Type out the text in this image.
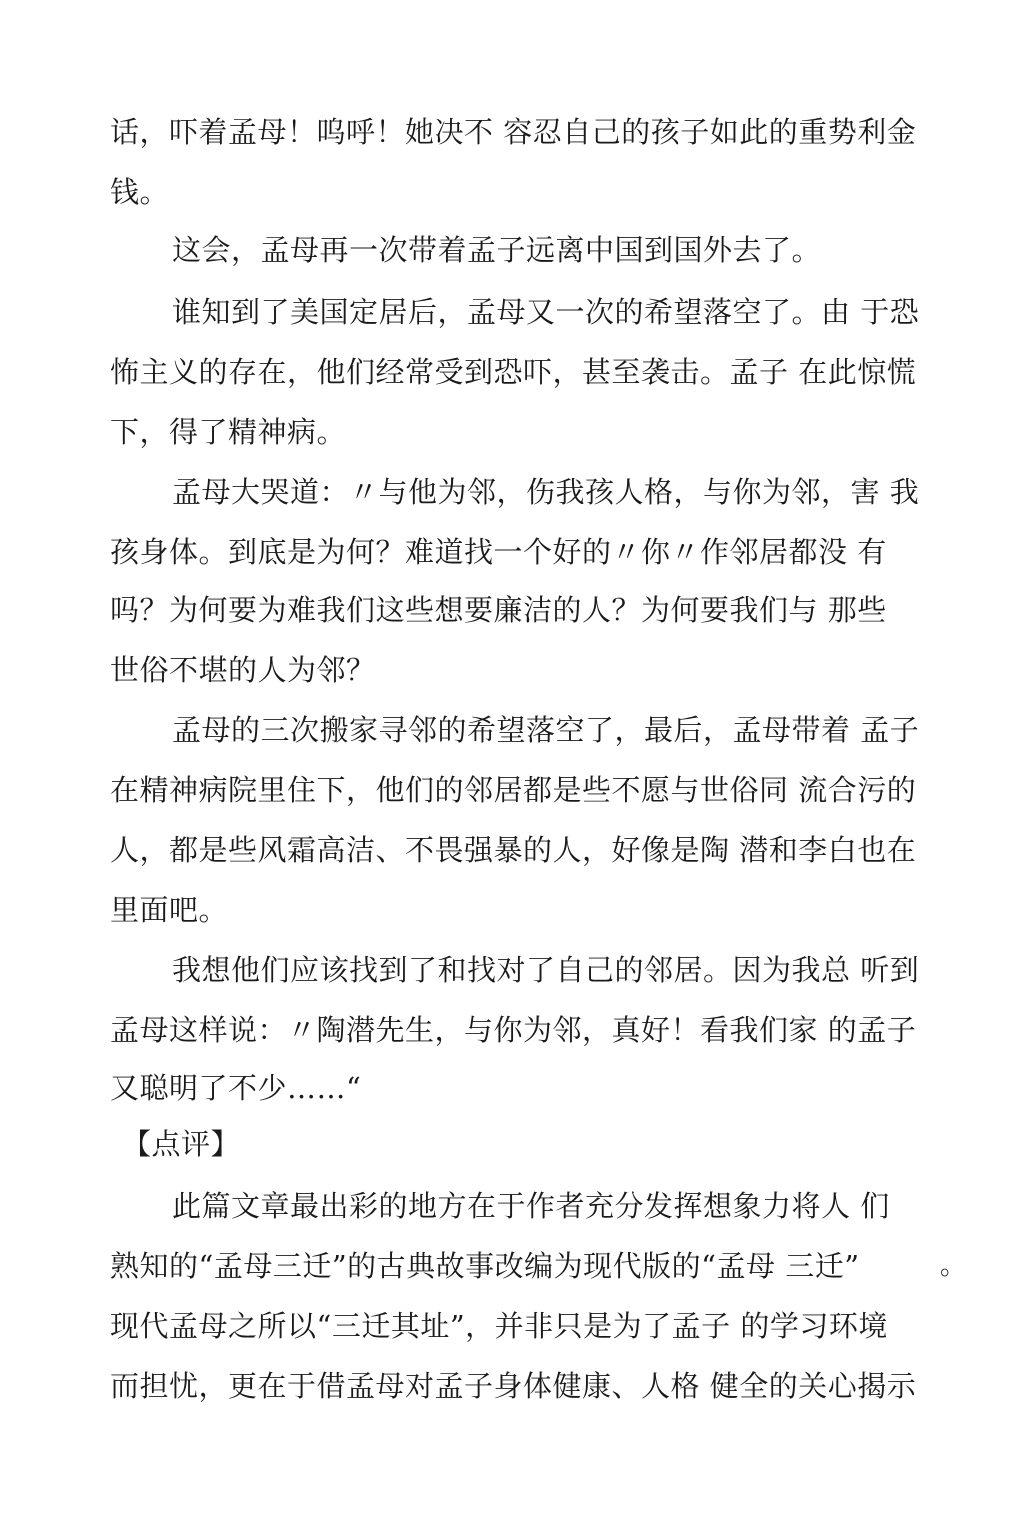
话，吓着孟母！呜呼！她决不 容忍自己的孩子如此的重势利金
钱。
这会，孟母再一次带着孟子远离中国到国外去了。
谁知到了美国定居后，孟母又一次的希望落空了。由 于恐
怖主义的存在，他们经常受到恐吓，甚至袭击。孟子 在此惊慌
下，得了精神病。
孟母大哭道：〃与他为邻，伤我孩人格，与你为邻，害 我
孩身体。到底是为何？难道找一个好的〃你〃作邻居都没 有
吗？为何要为难我们这些想要廉洁的人？为何要我们与 那些
世俗不堪的人为邻？
孟母的三次搬家寻邻的希望落空了，最后，孟母带着 孟子
在精神病院里住下，他们的邻居都是些不愿与世俗同 流合污的
人，都是些风霜高洁、不畏强暴的人，好像是陶 潜和李白也在
里面吧。
我想他们应该找到了和找对了自己的邻居。因为我总 听到
孟母这样说：〃陶潜先生，与你为邻，真好！看我们家 的孟子
又聪明了不少……“
【点评】
此篇文章最出彩的地方在于作者充分发挥想象力将人 们
熟知的“孟母三迁”的古典故事改编为现代版的“孟母 三迁”	。
现代孟母之所以“三迁其址”，并非只是为了孟子 的学习环境
而担忧，更在于借孟母对孟子身体健康、人格 健全的关心揭示
